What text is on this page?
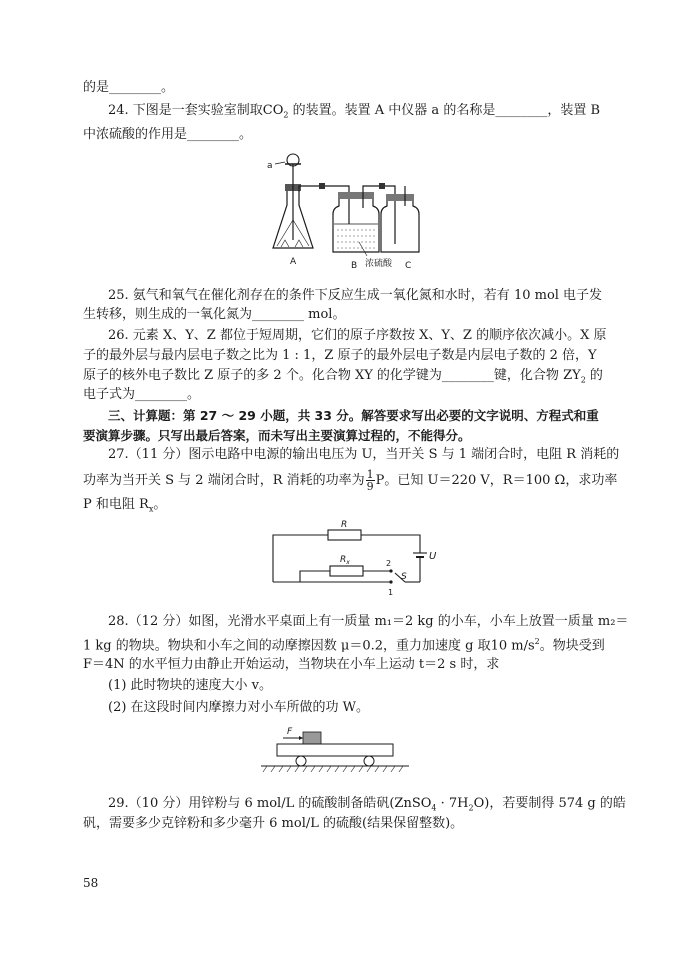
的是________。
24. 下图是一套实验室制取$CO_2$ 的装置。装置 A 中仪器 a 的名称是________，装置 B
中浓硫酸的作用是________。
a
A	B 浓硫酸 C
25. 氨气和氧气在催化剂存在的条件下反应生成一氧化氮和水时，若有 10 mol 电子发
生转移，则生成的一氧化氮为________ mol。
26. 元素 X、Y、Z 都位于短周期，它们的原子序数按 X、Y、Z 的顺序依次减小。X 原
子的最外层与最内层电子数之比为 1 : 1，Z 原子的最外层电子数是内层电子数的 2 倍，Y
原子的核外电子数比 Z 原子的多 2 个。化合物 XY 的化学键为________键，化合物 $ZY_2$ 的
电子式为________。
三、计算题：第 27 ～ 29 小题，共 33 分。解答要求写出必要的文字说明、方程式和重
要演算步骤。只写出最后答案，而未写出主要演算过程的，不能得分。
27.（11 分）图示电路中电源的输出电压为 U，当开关 S 与 1 端闭合时，电阻 R 消耗的
功率为当开关 S 与 2 端闭合时，R 消耗的功率为 $\frac{1}{9}$ P。已知 U＝220 V，R＝100 Ω，求功率
P 和电阻 $R_x$。
R
U
$R_x$	2
1
S
28.（12 分）如图，光滑水平桌面上有一质量 m₁＝2 kg 的小车，小车上放置一质量 m₂＝
1 kg 的物块。物块和小车之间的动摩擦因数 μ＝0.2，重力加速度 g 取10 $m/s^2$。物块受到
F＝4N 的水平恒力由静止开始运动，当物块在小车上运动 t＝2 s 时，求
(1) 此时物块的速度大小 v。
(2) 在这段时间内摩擦力对小车所做的功 W。
F
29.（10 分）用锌粉与 6 mol/L 的硫酸制备皓矾(ZnSO$_4$ · $7H_2O$)，若要制得 574 g 的皓
矾，需要多少克锌粉和多少毫升 6 mol/L 的硫酸(结果保留整数)。
58
